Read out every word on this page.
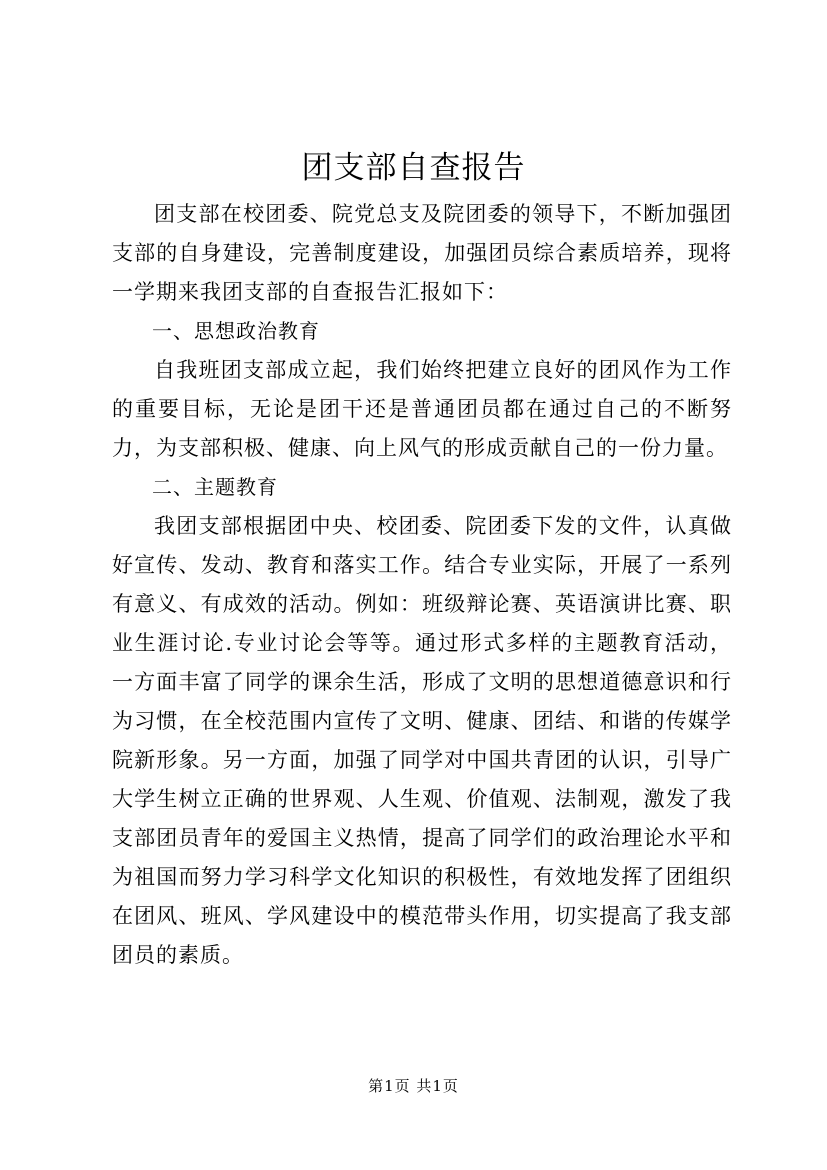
团支部自查报告

团支部在校团委、院党总支及院团委的领导下，不断加强团支部的自身建设，完善制度建设，加强团员综合素质培养，现将一学期来我团支部的自查报告汇报如下：

一、思想政治教育

自我班团支部成立起，我们始终把建立良好的团风作为工作的重要目标，无论是团干还是普通团员都在通过自己的不断努力，为支部积极、健康、向上风气的形成贡献自己的一份力量。

二、主题教育

我团支部根据团中央、校团委、院团委下发的文件，认真做好宣传、发动、教育和落实工作。结合专业实际，开展了一系列有意义、有成效的活动。例如：班级辩论赛、英语演讲比赛、职业生涯讨论.专业讨论会等等。通过形式多样的主题教育活动，一方面丰富了同学的课余生活，形成了文明的思想道德意识和行为习惯，在全校范围内宣传了文明、健康、团结、和谐的传媒学院新形象。另一方面，加强了同学对中国共青团的认识，引导广大学生树立正确的世界观、人生观、价值观、法制观，激发了我支部团员青年的爱国主义热情，提高了同学们的政治理论水平和为祖国而努力学习科学文化知识的积极性，有效地发挥了团组织在团风、班风、学风建设中的模范带头作用，切实提高了我支部团员的素质。

第1页 共1页
